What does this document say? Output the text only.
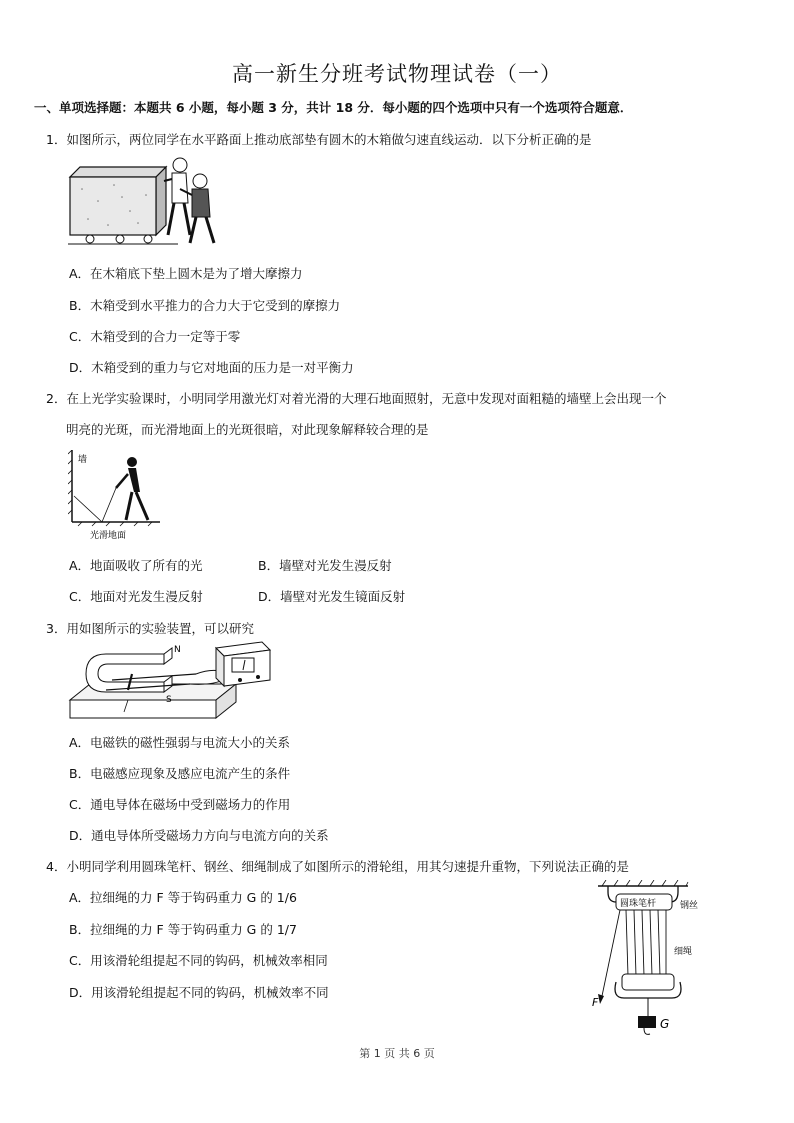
高一新生分班考试物理试卷（一）
一、单项选择题：本题共 6 小题，每小题 3 分，共计 18 分．每小题的四个选项中只有一个选项符合题意．
1．如图所示，两位同学在水平路面上推动底部垫有圆木的木箱做匀速直线运动．以下分析正确的是
A．在木箱底下垫上圆木是为了增大摩擦力
B．木箱受到水平推力的合力大于它受到的摩擦力
C．木箱受到的合力一定等于零
D．木箱受到的重力与它对地面的压力是一对平衡力
2．在上光学实验课时，小明同学用激光灯对着光滑的大理石地面照射，无意中发现对面粗糙的墙壁上会出现一个
明亮的光斑，而光滑地面上的光斑很暗，对此现象解释较合理的是
墙
光滑地面
A．地面吸收了所有的光	B．墙壁对光发生漫反射
C．地面对光发生漫反射	D．墙壁对光发生镜面反射
3．用如图所示的实验装置，可以研究
N
S
A．电磁铁的磁性强弱与电流大小的关系
B．电磁感应现象及感应电流产生的条件
C．通电导体在磁场中受到磁场力的作用
D．通电导体所受磁场力方向与电流方向的关系
4．小明同学利用圆珠笔杆、钢丝、细绳制成了如图所示的滑轮组，用其匀速提升重物，下列说法正确的是
A．拉细绳的力 F 等于钩码重力 G 的 1/6
B．拉细绳的力 F 等于钩码重力 G 的 1/7
C．用该滑轮组提起不同的钩码，机械效率相同
D．用该滑轮组提起不同的钩码，机械效率不同
圆珠笔杆	钢丝
细绳
F
G
第 1 页 共 6 页
